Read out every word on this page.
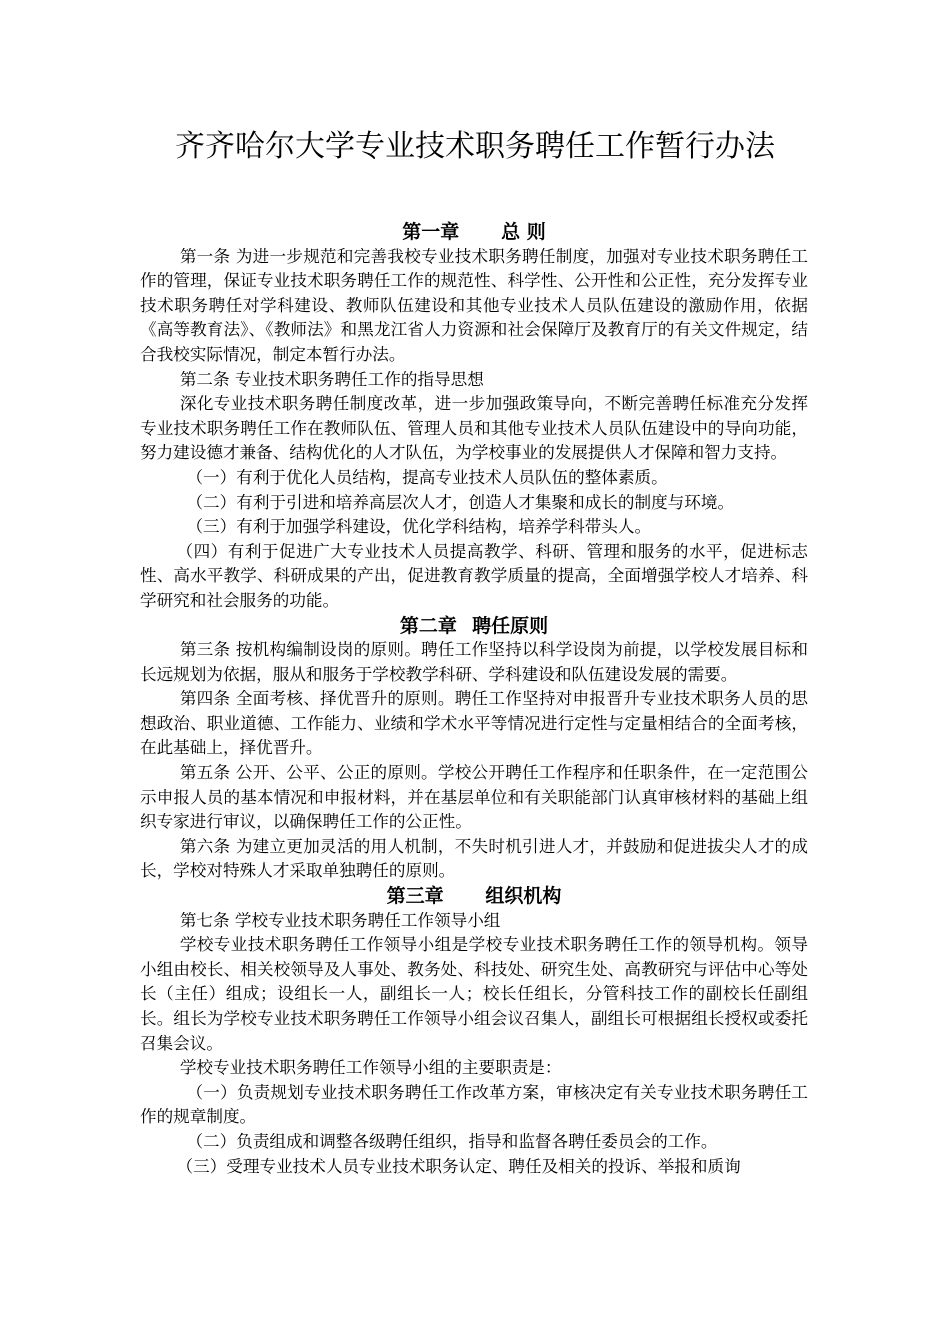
齐齐哈尔大学专业技术职务聘任工作暂行办法

第一章 总 则

第一条 为进一步规范和完善我校专业技术职务聘任制度，加强对专业技术职务聘任工作的管理，保证专业技术职务聘任工作的规范性、科学性、公开性和公正性，充分发挥专业技术职务聘任对学科建设、教师队伍建设和其他专业技术人员队伍建设的激励作用，依据《高等教育法》、《教师法》和黑龙江省人力资源和社会保障厅及教育厅的有关文件规定，结合我校实际情况，制定本暂行办法。

第二条 专业技术职务聘任工作的指导思想

深化专业技术职务聘任制度改革，进一步加强政策导向，不断完善聘任标准充分发挥专业技术职务聘任工作在教师队伍、管理人员和其他专业技术人员队伍建设中的导向功能，努力建设德才兼备、结构优化的人才队伍，为学校事业的发展提供人才保障和智力支持。

（一）有利于优化人员结构，提高专业技术人员队伍的整体素质。

（二）有利于引进和培养高层次人才，创造人才集聚和成长的制度与环境。

（三）有利于加强学科建设，优化学科结构，培养学科带头人。

（四）有利于促进广大专业技术人员提高教学、科研、管理和服务的水平，促进标志性、高水平教学、科研成果的产出，促进教育教学质量的提高，全面增强学校人才培养、科学研究和社会服务的功能。

第二章 聘任原则

第三条 按机构编制设岗的原则。聘任工作坚持以科学设岗为前提，以学校发展目标和长远规划为依据，服从和服务于学校教学科研、学科建设和队伍建设发展的需要。

第四条 全面考核、择优晋升的原则。聘任工作坚持对申报晋升专业技术职务人员的思想政治、职业道德、工作能力、业绩和学术水平等情况进行定性与定量相结合的全面考核，在此基础上，择优晋升。

第五条 公开、公平、公正的原则。学校公开聘任工作程序和任职条件，在一定范围公示申报人员的基本情况和申报材料，并在基层单位和有关职能部门认真审核材料的基础上组织专家进行审议，以确保聘任工作的公正性。

第六条 为建立更加灵活的用人机制，不失时机引进人才，并鼓励和促进拔尖人才的成长，学校对特殊人才采取单独聘任的原则。

第三章 组织机构

第七条 学校专业技术职务聘任工作领导小组

学校专业技术职务聘任工作领导小组是学校专业技术职务聘任工作的领导机构。领导小组由校长、相关校领导及人事处、教务处、科技处、研究生处、高教研究与评估中心等处长（主任）组成；设组长一人，副组长一人；校长任组长，分管科技工作的副校长任副组长。组长为学校专业技术职务聘任工作领导小组会议召集人，副组长可根据组长授权或委托召集会议。

学校专业技术职务聘任工作领导小组的主要职责是：

（一）负责规划专业技术职务聘任工作改革方案，审核决定有关专业技术职务聘任工作的规章制度。

（二）负责组成和调整各级聘任组织，指导和监督各聘任委员会的工作。

（三）受理专业技术人员专业技术职务认定、聘任及相关的投诉、举报和质询
